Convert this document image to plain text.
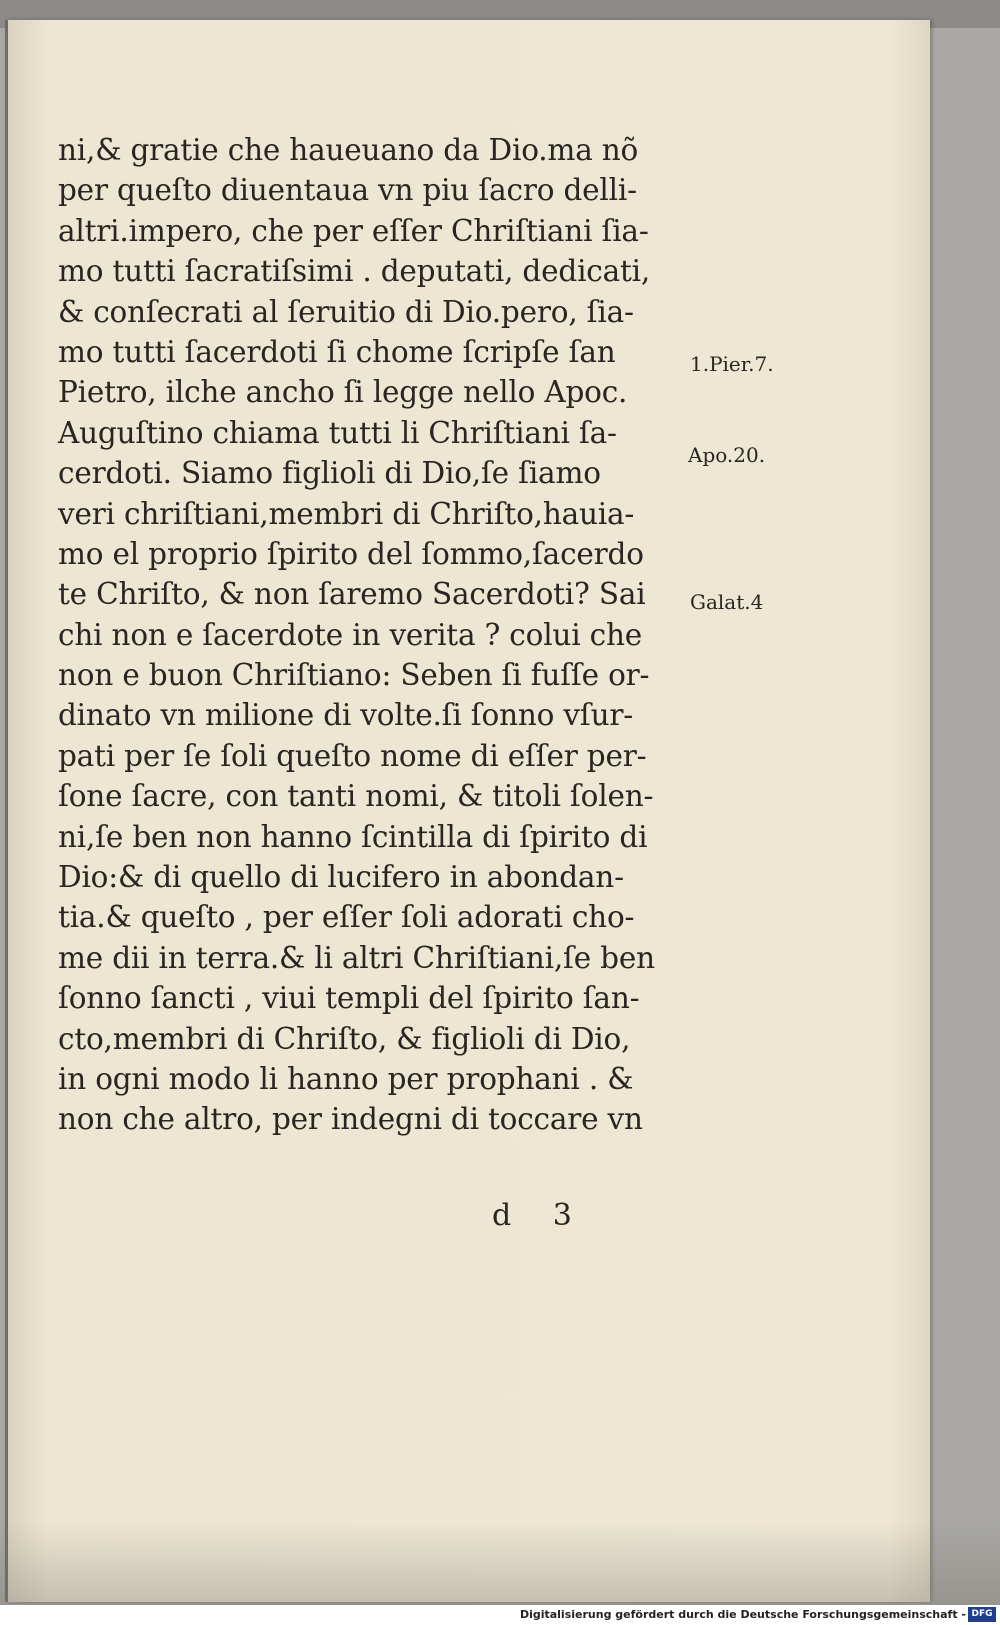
ni,& gratie che haueuano da Dio.ma nõ
per queſto diuentaua vn piu ſacro delli-
altri.impero, che per eſſer Chriſtiani ſia-
mo tutti ſacratiſsimi . deputati, dedicati,
& conſecrati al ſeruitio di Dio.pero, ſia-
mo tutti ſacerdoti ſi chome ſcripſe ſan
Pietro, ilche ancho ſi legge nello Apoc.
Auguſtino chiama tutti li Chriſtiani ſa-
cerdoti. Siamo figlioli di Dio,ſe ſiamo
veri chriſtiani,membri di Chriſto,hauia-
mo el proprio ſpirito del ſommo,ſacerdo
te Chriſto, & non ſaremo Sacerdoti? Sai
chi non e ſacerdote in verita ? colui che
non e buon Chriſtiano: Seben ſi fuſſe or-
dinato vn milione di volte.ſi ſonno vſur-
pati per ſe ſoli queſto nome di eſſer per-
ſone ſacre, con tanti nomi, & titoli ſolen-
ni,ſe ben non hanno ſcintilla di ſpirito di
Dio:& di quello di lucifero in abondan-
tia.& queſto , per eſſer ſoli adorati cho-
me dii in terra.& li altri Chriſtiani,ſe ben
ſonno ſancti , viui templi del ſpirito ſan-
cto,membri di Chriſto, & figlioli di Dio,
in ogni modo li hanno per prophani . &
non che altro, per indegni di toccare vn
1.Pier.7.
Apo.20.
Galat.4
d 3
Digitalisierung gefördert durch die Deutsche Forschungsgemeinschaft - DFG
